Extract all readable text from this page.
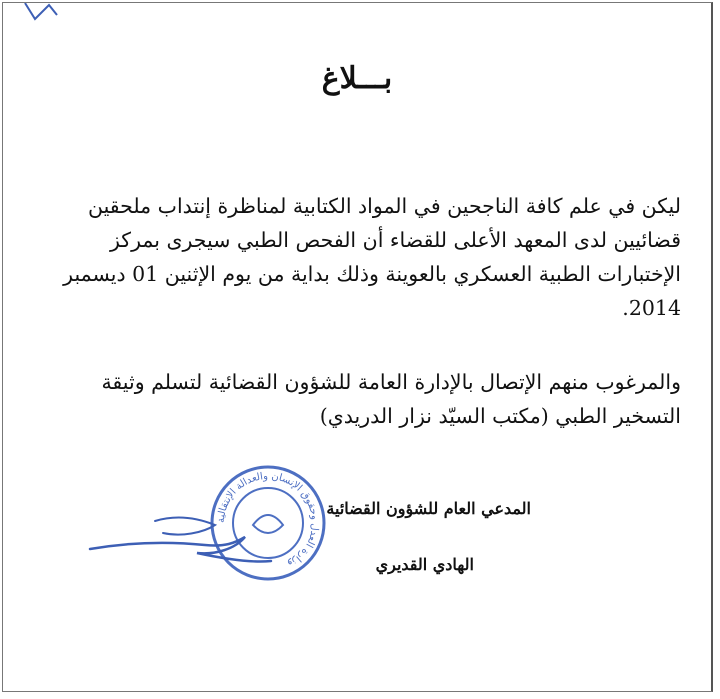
بـــلاغ
ليكن في علم كافة الناجحين في المواد الكتابية لمناظرة إنتداب ملحقين
قضائيين لدى المعهد الأعلى للقضاء أن الفحص الطبي سيجرى بمركز
الإختبارات الطبية العسكري بالعوينة وذلك بداية من يوم الإثنين 01 ديسمبر
2014.
والمرغوب منهم الإتصال بالإدارة العامة للشؤون القضائية لتسلم وثيقة
التسخير الطبي (مكتب السيّد نزار الدريدي)
وزارة العدل وحقوق الإنسان والعدالة الإنتقالية
المدعي العام للشؤون القضائية
الهادي القديري
